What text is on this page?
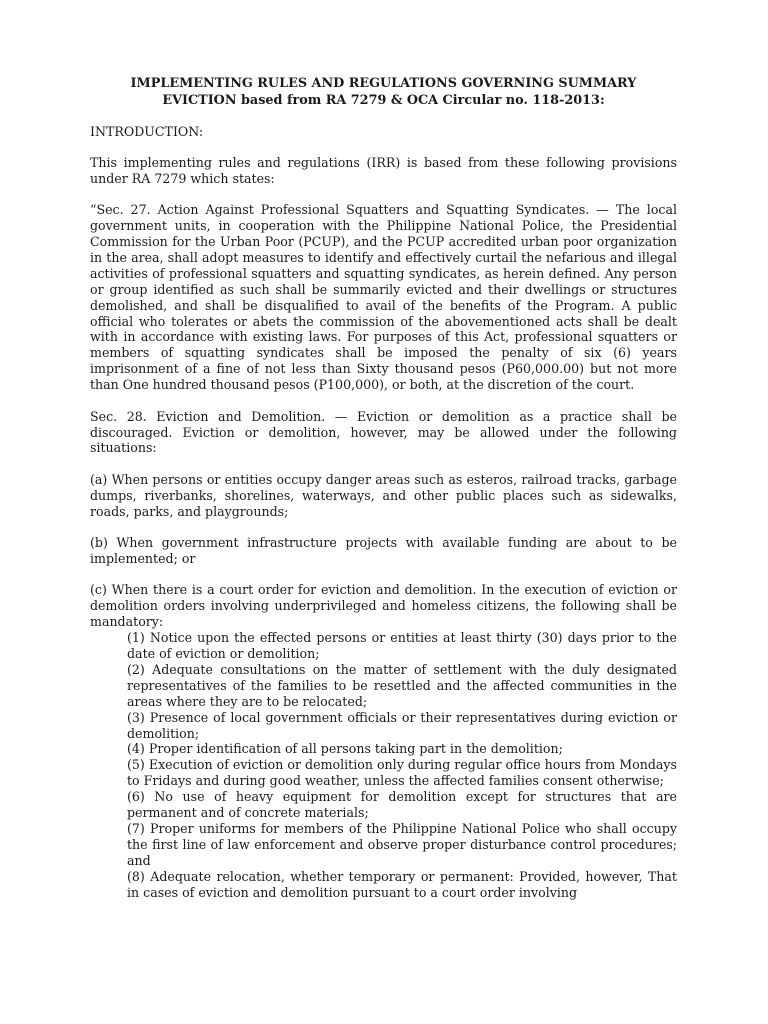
IMPLEMENTING RULES AND REGULATIONS GOVERNING SUMMARY
EVICTION based from RA 7279 & OCA Circular no. 118-2013:
INTRODUCTION:

This implementing rules and regulations (IRR) is based from these following provisions under RA 7279 which states:

“Sec. 27. Action Against Professional Squatters and Squatting Syndicates. — The local government units, in cooperation with the Philippine National Police, the Presidential Commission for the Urban Poor (PCUP), and the PCUP accredited urban poor organization in the area, shall adopt measures to identify and effectively curtail the nefarious and illegal activities of professional squatters and squatting syndicates, as herein defined. Any person or group identified as such shall be summarily evicted and their dwellings or structures demolished, and shall be disqualified to avail of the benefits of the Program. A public official who tolerates or abets the commission of the abovementioned acts shall be dealt with in accordance with existing laws. For purposes of this Act, professional squatters or members of squatting syndicates shall be imposed the penalty of six (6) years imprisonment of a fine of not less than Sixty thousand pesos (P60,000.00) but not more than One hundred thousand pesos (P100,000), or both, at the discretion of the court.

Sec. 28. Eviction and Demolition. — Eviction or demolition as a practice shall be discouraged. Eviction or demolition, however, may be allowed under the following situations:

(a) When persons or entities occupy danger areas such as esteros, railroad tracks, garbage dumps, riverbanks, shorelines, waterways, and other public places such as sidewalks, roads, parks, and playgrounds;

(b) When government infrastructure projects with available funding are about to be implemented; or

(c) When there is a court order for eviction and demolition. In the execution of eviction or demolition orders involving underprivileged and homeless citizens, the following shall be mandatory:

(1) Notice upon the effected persons or entities at least thirty (30) days prior to the date of eviction or demolition;
(2) Adequate consultations on the matter of settlement with the duly designated representatives of the families to be resettled and the affected communities in the areas where they are to be relocated;
(3) Presence of local government officials or their representatives during eviction or demolition;
(4) Proper identification of all persons taking part in the demolition;
(5) Execution of eviction or demolition only during regular office hours from Mondays to Fridays and during good weather, unless the affected families consent otherwise;
(6) No use of heavy equipment for demolition except for structures that are permanent and of concrete materials;
(7) Proper uniforms for members of the Philippine National Police who shall occupy the first line of law enforcement and observe proper disturbance control procedures; and
(8) Adequate relocation, whether temporary or permanent: Provided, however, That in cases of eviction and demolition pursuant to a court order involving
